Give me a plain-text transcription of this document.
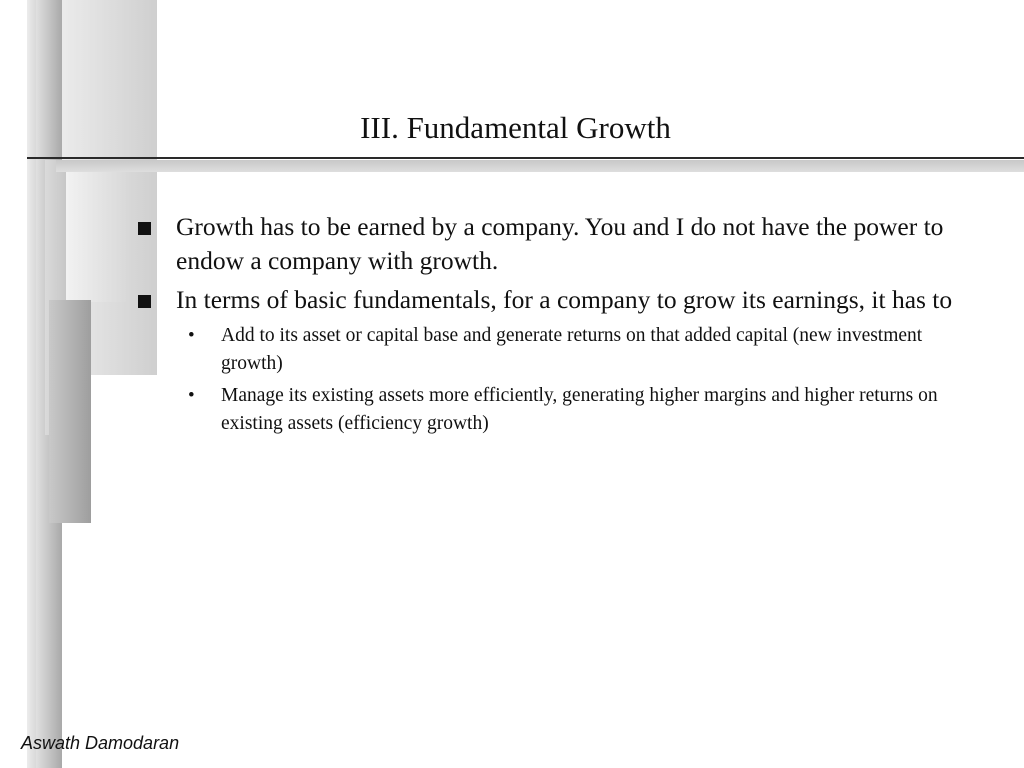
III. Fundamental Growth
Growth has to be earned by a company. You and I do not have the power to endow a company with growth.
In terms of basic fundamentals, for a company to grow its earnings, it has to
• Add to its asset or capital base and generate returns on that added capital (new investment growth)
• Manage its existing assets more efficiently, generating higher margins and higher returns on existing assets (efficiency growth)
Aswath Damodaran
